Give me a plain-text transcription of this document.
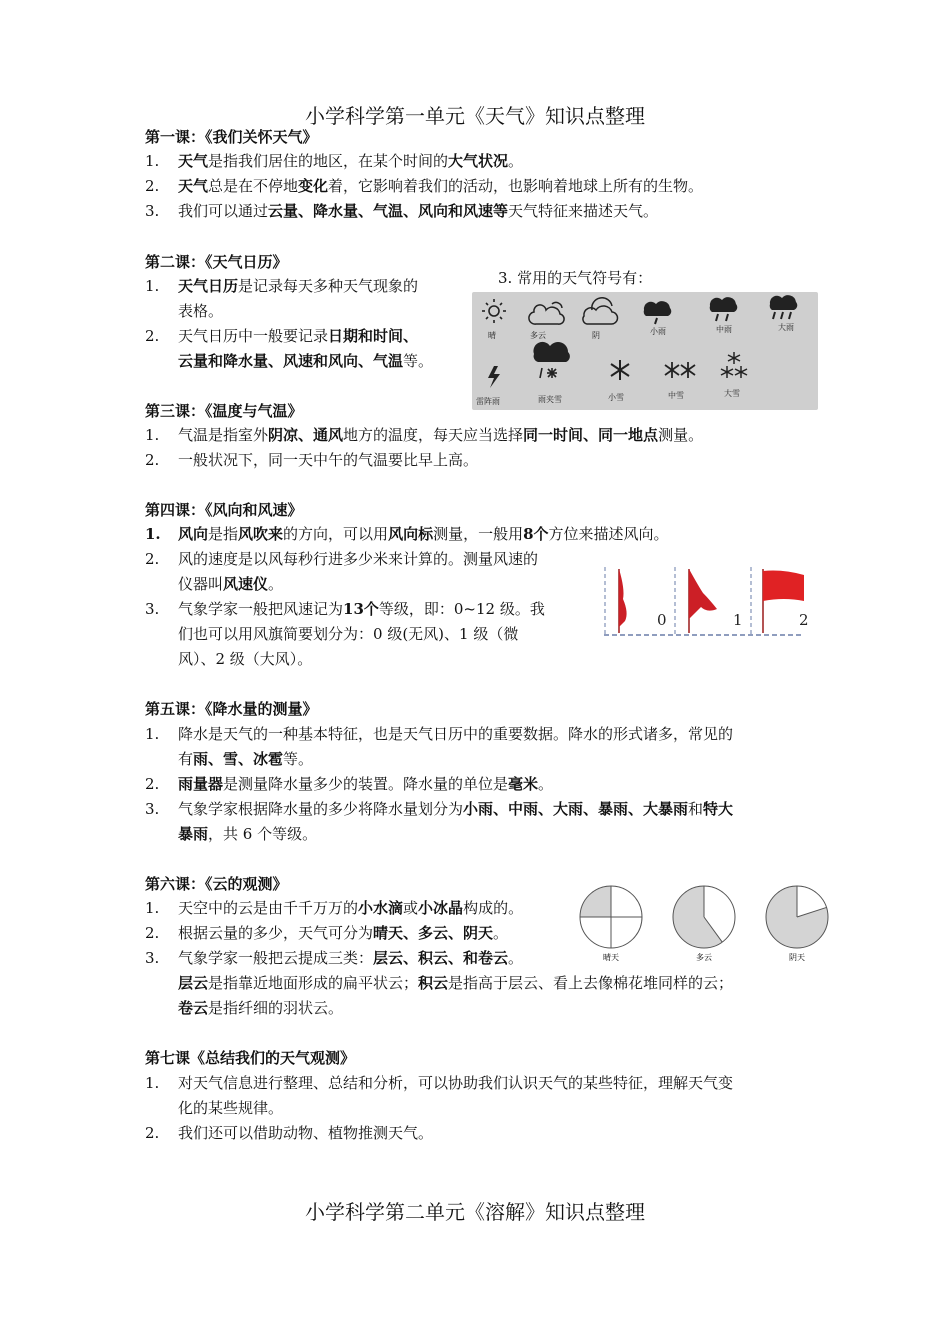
小学科学第一单元《天气》知识点整理
第一课：《我们关怀天气》
1. 天气是指我们居住的地区，在某个时间的大气状况。
2. 天气总是在不停地变化着，它影响着我们的活动，也影响着地球上所有的生物。
3. 我们可以通过云量、降水量、气温、风向和风速等天气特征来描述天气。
第二课：《天气日历》
1. 天气日历是记录每天多种天气现象的
表格。
2. 天气日历中一般要记录日期和时间、
云量和降水量、风速和风向、气温等。
3. 常用的天气符号有：
晴	多云	阴	小雨	中雨	大雨
雷阵雨	雨夹雪	小雪	中雪	大雪
第三课：《温度与气温》
1. 气温是指室外阴凉、通风地方的温度，每天应当选择同一时间、同一地点测量。
2. 一般状况下，同一天中午的气温要比早上高。
第四课：《风向和风速》
1. 风向是指风吹来的方向，可以用风向标测量，一般用8个方位来描述风向。
2. 风的速度是以风每秒行进多少米来计算的。测量风速的
仪器叫风速仪。
3. 气象学家一般把风速记为13个等级，即：0~12 级。我
们也可以用风旗简要划分为：0 级(无风)、1 级（微
风）、2 级（大风）。
0	1	2
第五课：《降水量的测量》
1. 降水是天气的一种基本特征，也是天气日历中的重要数据。降水的形式诸多，常见的
有雨、雪、冰雹等。
2. 雨量器是测量降水量多少的装置。降水量的单位是毫米。
3. 气象学家根据降水量的多少将降水量划分为小雨、中雨、大雨、暴雨、大暴雨和特大
暴雨，共 6 个等级。
第六课：《云的观测》
1. 天空中的云是由千千万万的小水滴或小冰晶构成的。
2. 根据云量的多少，天气可分为晴天、多云、阴天。
3. 气象学家一般把云提成三类：层云、积云、和卷云。
层云是指靠近地面形成的扁平状云；积云是指高于层云、看上去像棉花堆同样的云；
卷云是指纤细的羽状云。
晴天	多云	阴天
第七课《总结我们的天气观测》
1. 对天气信息进行整理、总结和分析，可以协助我们认识天气的某些特征，理解天气变
化的某些规律。
2. 我们还可以借助动物、植物推测天气。
小学科学第二单元《溶解》知识点整理
